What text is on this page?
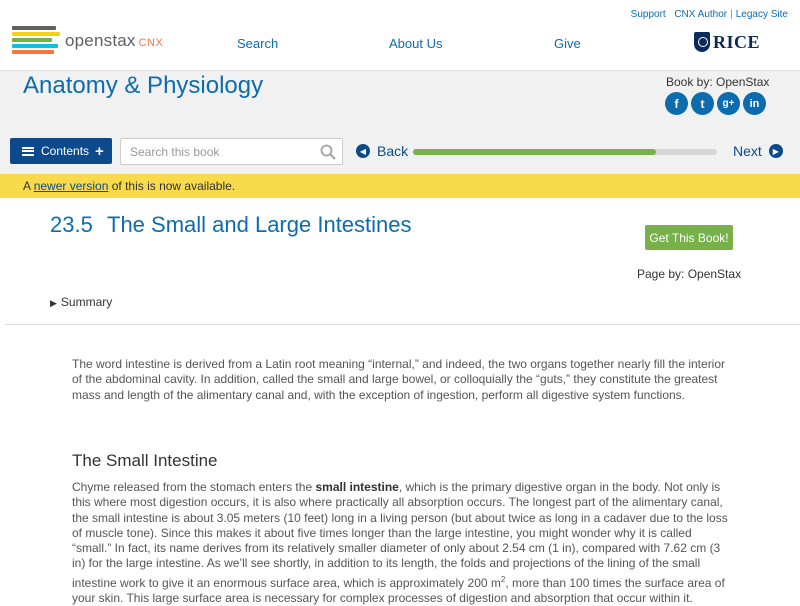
openstax CNX
Support | CNX Author | Legacy Site
Search	About Us	Give	RICE
Anatomy & Physiology	Book by: OpenStax
f	t	g+	in
Contents +
Search this book	◀ Back	Next	▶
A newer version of this is now available.
23.5 The Small and Large Intestines
Get This Book!
Page by: OpenStax
▶ Summary

The word intestine is derived from a Latin root meaning “internal,” and indeed, the two organs together nearly fill the interior of the abdominal cavity. In addition, called the small and large bowel, or colloquially the “guts,” they constitute the greatest mass and length of the alimentary canal and, with the exception of ingestion, perform all digestive system functions.

The Small Intestine

Chyme released from the stomach enters the small intestine, which is the primary digestive organ in the body. Not only is this where most digestion occurs, it is also where practically all absorption occurs. The longest part of the alimentary canal, the small intestine is about 3.05 meters (10 feet) long in a living person (but about twice as long in a cadaver due to the loss of muscle tone). Since this makes it about five times longer than the large intestine, you might wonder why it is called “small.” In fact, its name derives from its relatively smaller diameter of only about 2.54 cm (1 in), compared with 7.62 cm (3 in) for the large intestine. As we’ll see shortly, in addition to its length, the folds and projections of the lining of the small intestine work to give it an enormous surface area, which is approximately 200 $m^2$, more than 100 times the surface area of your skin. This large surface area is necessary for complex processes of digestion and absorption that occur within it.
